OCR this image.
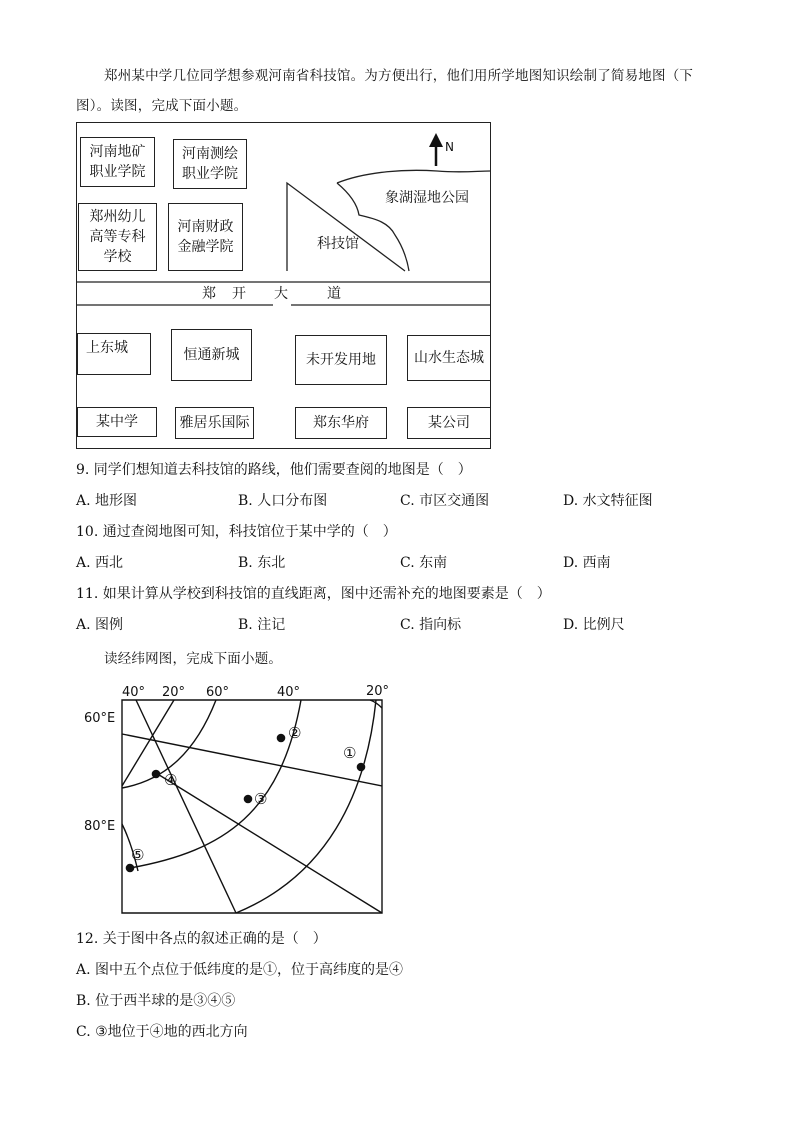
郑州某中学几位同学想参观河南省科技馆。为方便出行，他们用所学地图知识绘制了简易地图（下
图）。读图，完成下面小题。
N
河南地矿
职业学院
河南测绘
职业学院
郑州幼儿
高等专科
学校
河南财政
金融学院	科技馆
象湖湿地公园
郑 开 大	道
上东城	恒通新城	未开发用地	山水生态城
某中学	雅居乐国际	郑东华府	某公司
9. 同学们想知道去科技馆的路线，他们需要查阅的地图是（　）
A. 地形图	B. 人口分布图	C. 市区交通图	D. 水文特征图
10. 通过查阅地图可知，科技馆位于某中学的（　）
A. 西北	B. 东北	C. 东南	D. 西南
11. 如果计算从学校到科技馆的直线距离，图中还需补充的地图要素是（　）
A. 图例	B. 注记	C. 指向标	D. 比例尺
读经纬网图，完成下面小题。
①
②
③
④
⑤
40° 20° 60°	40°	20°
60°E
80°E
12. 关于图中各点的叙述正确的是（　）
A. 图中五个点位于低纬度的是①，位于高纬度的是④
B. 位于西半球的是③④⑤
C. ③地位于④地的西北方向
